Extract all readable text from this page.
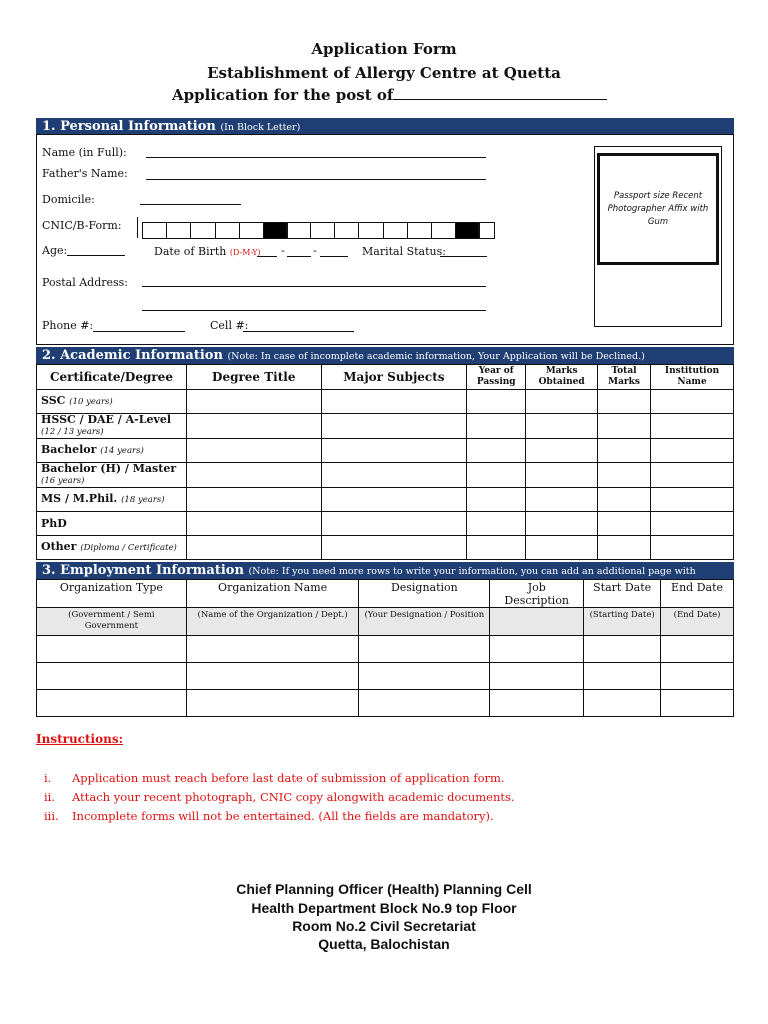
Application Form
Establishment of Allergy Centre at Quetta
Application for the post of
1. Personal Information (In Block Letter)
Name (in Full):
Father's Name:
Domicile:
CNIC/B-Form:
Age:	Date of Birth (D-M-Y) -	-	Marital Status:
Postal Address:
Phone #:	Cell #:
Passport size Recent Photographer Affix with Gum
2. Academic Information (Note: In case of incomplete academic information, Your Application will be Declined.)
Certificate/Degree	Degree Title	Major Subjects	Year of Passing	Marks Obtained	Total Marks	Institution Name
SSC (10 years)						
HSSC / DAE / A-Level
(12 / 13 years)						
Bachelor (14 years)						
Bachelor (H) / Master
(16 years)						
MS / M.Phil. (18 years)						
PhD						
Other (Diploma / Certificate)						
3. Employment Information (Note: If you need more rows to write your information, you can add an additional page with
Organization Type	Organization Name	Designation	Job Description	Start Date	End Date
(Government / Semi Government	(Name of the Organization / Dept.)	(Your Designation / Position		(Starting Date)	(End Date)

Instructions:
i. Application must reach before last date of submission of application form.
ii. Attach your recent photograph, CNIC copy alongwith academic documents.
iii. Incomplete forms will not be entertained. (All the fields are mandatory).
Chief Planning Officer (Health) Planning Cell
Health Department Block No.9 top Floor
Room No.2 Civil Secretariat
Quetta, Balochistan
